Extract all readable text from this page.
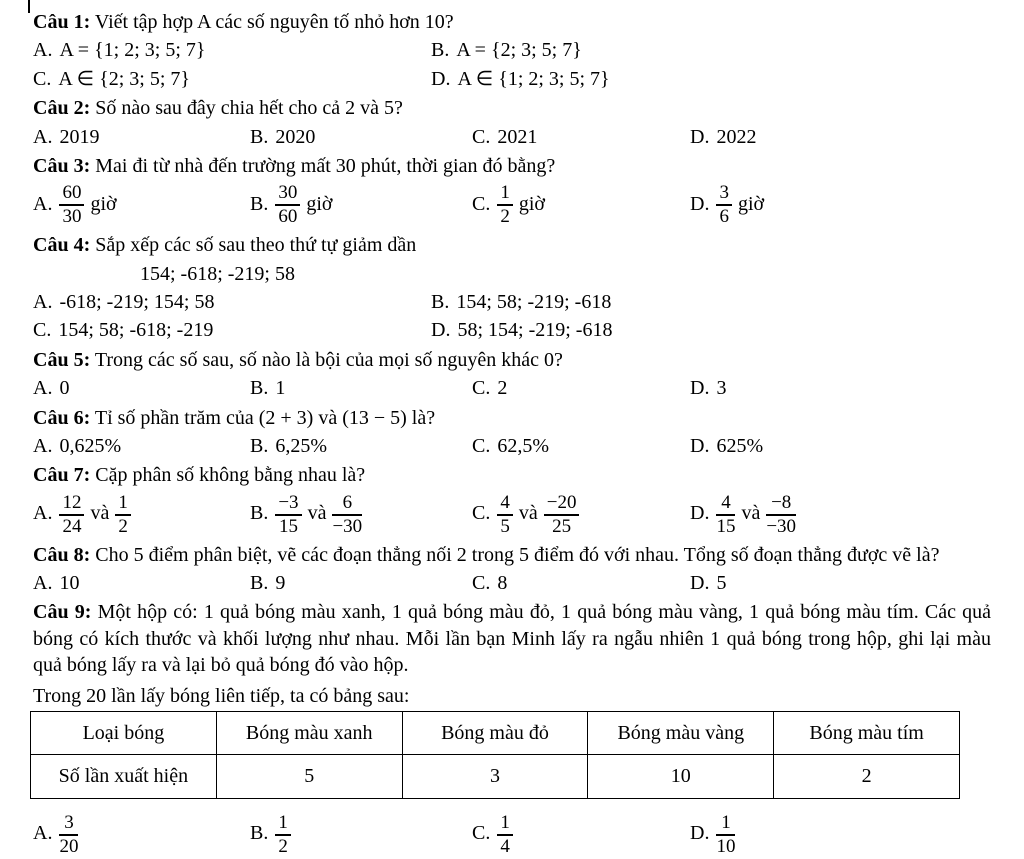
Câu 1: Viết tập hợp A các số nguyên tố nhỏ hơn 10?

A. A = {1; 2; 3; 5; 7}	B. A = {2; 3; 5; 7}
C. A ∈ {2; 3; 5; 7}	D. A ∈ {1; 2; 3; 5; 7}

Câu 2: Số nào sau đây chia hết cho cả 2 và 5?

A. 2019	B. 2020	C. 2021	D. 2022

Câu 3: Mai đi từ nhà đến trường mất 30 phút, thời gian đó bằng?

A. $\frac{60}{30}$ giờ	B. $\frac{30}{60}$ giờ	C. $\frac{1}{2}$ giờ	D. $\frac{3}{6}$ giờ

Câu 4: Sắp xếp các số sau theo thứ tự giảm dần

154; -618; -219; 58
A. -618; -219; 154; 58	B. 154; 58; -219; -618
C. 154; 58; -618; -219	D. 58; 154; -219; -618

Câu 5: Trong các số sau, số nào là bội của mọi số nguyên khác 0?

A. 0	B. 1	C. 2	D. 3

Câu 6: Tỉ số phần trăm của (2 + 3) và (13 − 5) là?

A. 0,625%	B. 6,25%	C. 62,5%	D. 625%

Câu 7: Cặp phân số không bằng nhau là?

A. $\frac{12}{24}$ và $\frac{1}{2}$	B. $\frac{-3}{15}$ và $\frac{6}{-30}$	C. $\frac{4}{5}$ và $\frac{-20}{25}$	D. $\frac{4}{15}$ và $\frac{-8}{-30}$

Câu 8: Cho 5 điểm phân biệt, vẽ các đoạn thẳng nối 2 trong 5 điểm đó với nhau. Tổng số đoạn thẳng được vẽ là?

A. 10	B. 9	C. 8	D. 5

Câu 9: Một hộp có: 1 quả bóng màu xanh, 1 quả bóng màu đỏ, 1 quả bóng màu vàng, 1 quả bóng màu tím. Các quả bóng có kích thước và khối lượng như nhau. Mỗi lần bạn Minh lấy ra ngẫu nhiên 1 quả bóng trong hộp, ghi lại màu quả bóng lấy ra và lại bỏ quả bóng đó vào hộp.

Trong 20 lần lấy bóng liên tiếp, ta có bảng sau:
Loại bóng	Bóng màu xanh	Bóng màu đỏ	Bóng màu vàng	Bóng màu tím
Số lần xuất hiện	5	3	10	2
A. $\frac{3}{20}$	B. $\frac{1}{2}$	C. $\frac{1}{4}$	D. $\frac{1}{10}$
